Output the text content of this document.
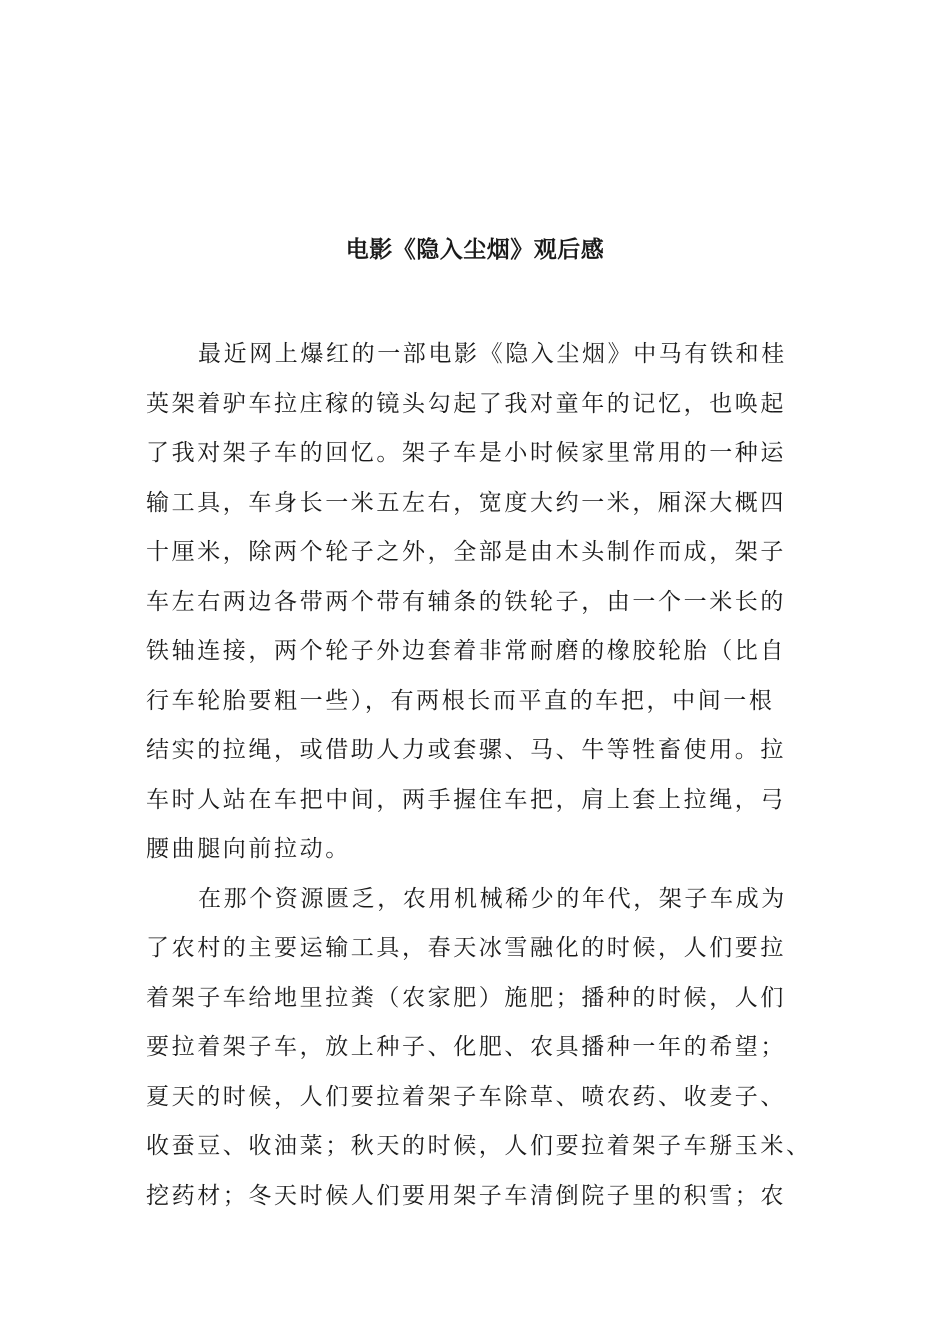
电影《隐入尘烟》观后感
最近网上爆红的一部电影《隐入尘烟》中马有铁和桂
英架着驴车拉庄稼的镜头勾起了我对童年的记忆，也唤起
了我对架子车的回忆。架子车是小时候家里常用的一种运
输工具，车身长一米五左右，宽度大约一米，厢深大概四
十厘米，除两个轮子之外，全部是由木头制作而成，架子
车左右两边各带两个带有辅条的铁轮子，由一个一米长的
铁轴连接，两个轮子外边套着非常耐磨的橡胶轮胎（比自
行车轮胎要粗一些），有两根长而平直的车把，中间一根
结实的拉绳，或借助人力或套骡、马、牛等牲畜使用。拉
车时人站在车把中间，两手握住车把，肩上套上拉绳，弓
腰曲腿向前拉动。
在那个资源匮乏，农用机械稀少的年代，架子车成为
了农村的主要运输工具，春天冰雪融化的时候，人们要拉
着架子车给地里拉粪（农家肥）施肥；播种的时候，人们
要拉着架子车，放上种子、化肥、农具播种一年的希望；
夏天的时候，人们要拉着架子车除草、喷农药、收麦子、
收蚕豆、收油菜；秋天的时候，人们要拉着架子车掰玉米、
挖药材；冬天时候人们要用架子车清倒院子里的积雪；农
